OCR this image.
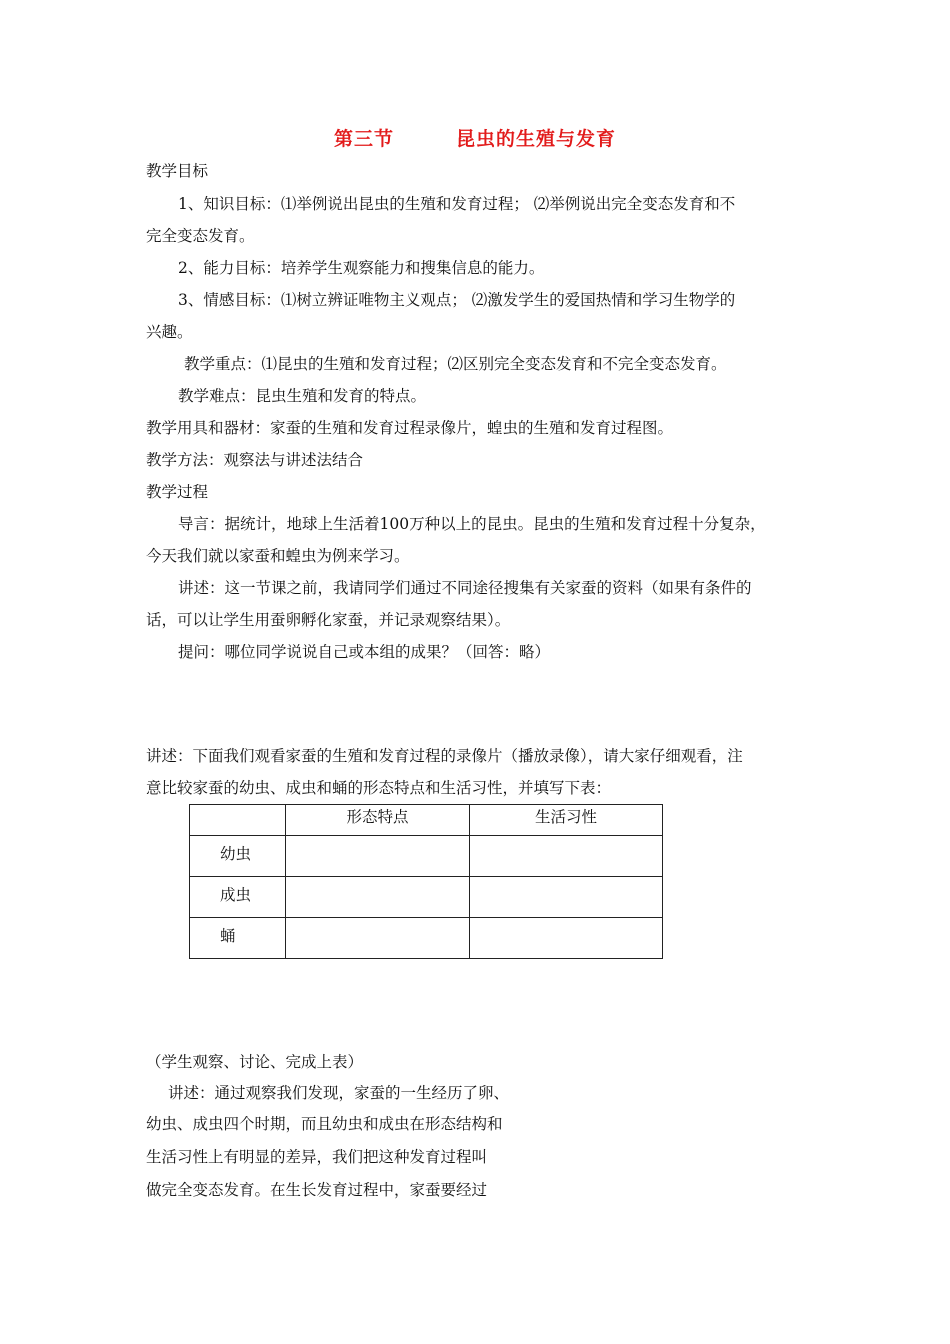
第三节	昆虫的生殖与发育
教学目标
1、知识目标：⑴举例说出昆虫的生殖和发育过程； ⑵举例说出完全变态发育和不
完全变态发育。
2、能力目标：培养学生观察能力和搜集信息的能力。
3、情感目标：⑴树立辨证唯物主义观点； ⑵激发学生的爱国热情和学习生物学的
兴趣。
教学重点：⑴昆虫的生殖和发育过程；⑵区别完全变态发育和不完全变态发育。
教学难点：昆虫生殖和发育的特点。
教学用具和器材：家蚕的生殖和发育过程录像片，蝗虫的生殖和发育过程图。
教学方法：观察法与讲述法结合
教学过程
导言：据统计，地球上生活着100万种以上的昆虫。昆虫的生殖和发育过程十分复杂，
今天我们就以家蚕和蝗虫为例来学习。
讲述：这一节课之前，我请同学们通过不同途径搜集有关家蚕的资料（如果有条件的
话，可以让学生用蚕卵孵化家蚕，并记录观察结果）。
提问：哪位同学说说自己或本组的成果？（回答：略）
讲述：下面我们观看家蚕的生殖和发育过程的录像片（播放录像），请大家仔细观看，注
意比较家蚕的幼虫、成虫和蛹的形态特点和生活习性，并填写下表：
	形态特点	生活习性
幼虫		
成虫		
蛹		
（学生观察、讨论、完成上表）
讲述：通过观察我们发现，家蚕的一生经历了卵、
幼虫、成虫四个时期，而且幼虫和成虫在形态结构和
生活习性上有明显的差异，我们把这种发育过程叫
做完全变态发育。在生长发育过程中，家蚕要经过
